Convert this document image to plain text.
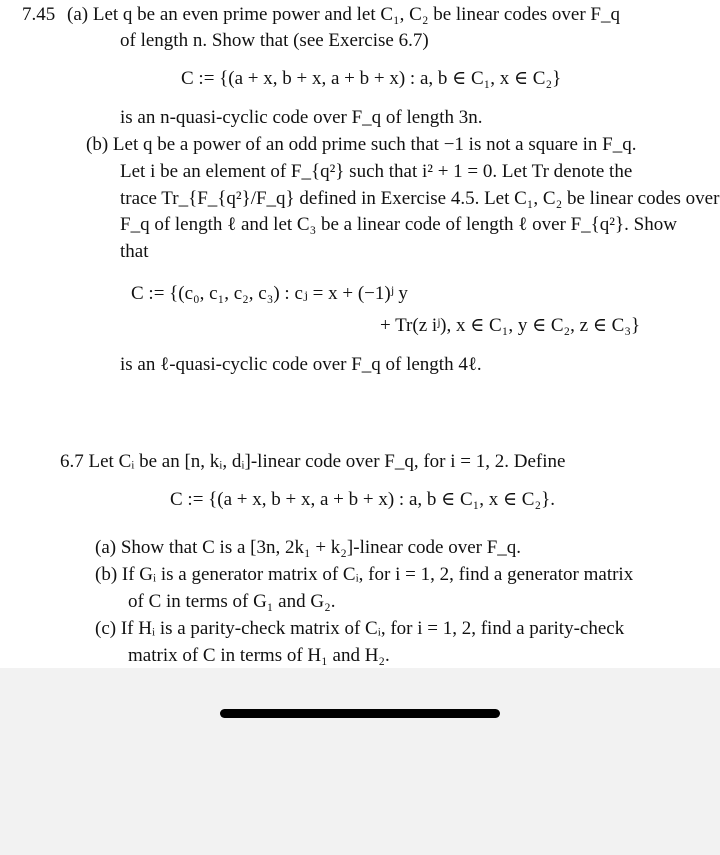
7.45 (a) Let q be an even prime power and let C₁, C₂ be linear codes over F_q
of length n. Show that (see Exercise 6.7)
C := {(a + x, b + x, a + b + x) : a, b ∈ C₁, x ∈ C₂}
is an n-quasi-cyclic code over F_q of length 3n.
(b) Let q be a power of an odd prime such that −1 is not a square in F_q.
Let i be an element of F_{q²} such that i² + 1 = 0. Let Tr denote the
trace Tr_{F_{q²}/F_q} defined in Exercise 4.5. Let C₁, C₂ be linear codes over
F_q of length ℓ and let C₃ be a linear code of length ℓ over F_{q²}. Show
that
C := {(c₀, c₁, c₂, c₃) : cⱼ = x + (−1)ʲ y
+ Tr(z iʲ), x ∈ C₁, y ∈ C₂, z ∈ C₃}
is an ℓ-quasi-cyclic code over F_q of length 4ℓ.
6.7 Let Cᵢ be an [n, kᵢ, dᵢ]-linear code over F_q, for i = 1, 2. Define
C := {(a + x, b + x, a + b + x) : a, b ∈ C₁, x ∈ C₂}.
(a) Show that C is a [3n, 2k₁ + k₂]-linear code over F_q.
(b) If Gᵢ is a generator matrix of Cᵢ, for i = 1, 2, find a generator matrix
of C in terms of G₁ and G₂.
(c) If Hᵢ is a parity-check matrix of Cᵢ, for i = 1, 2, find a parity-check
matrix of C in terms of H₁ and H₂.
